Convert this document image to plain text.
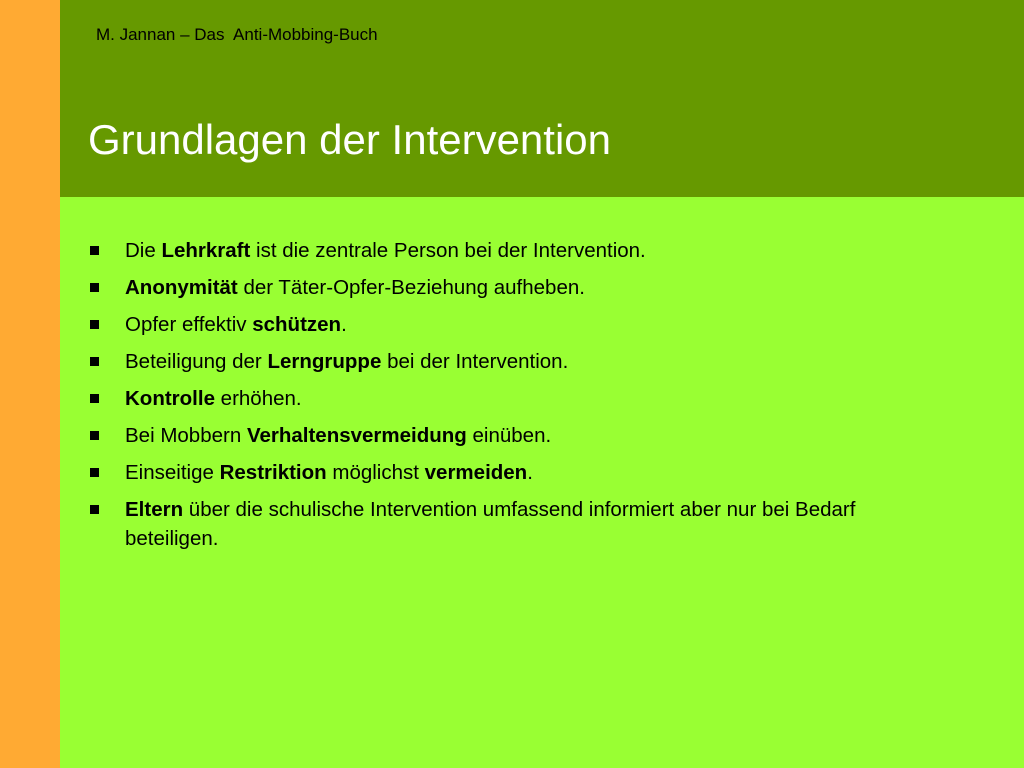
M. Jannan – Das  Anti-Mobbing-Buch

Grundlagen der Intervention
Die Lehrkraft ist die zentrale Person bei der Intervention.
Anonymität der Täter-Opfer-Beziehung aufheben.
Opfer effektiv schützen.
Beteiligung der Lerngruppe bei der Intervention.
Kontrolle erhöhen.
Bei Mobbern Verhaltensvermeidung einüben.
Einseitige Restriktion möglichst vermeiden.
Eltern über die schulische Intervention umfassend informiert aber nur bei Bedarf beteiligen.
